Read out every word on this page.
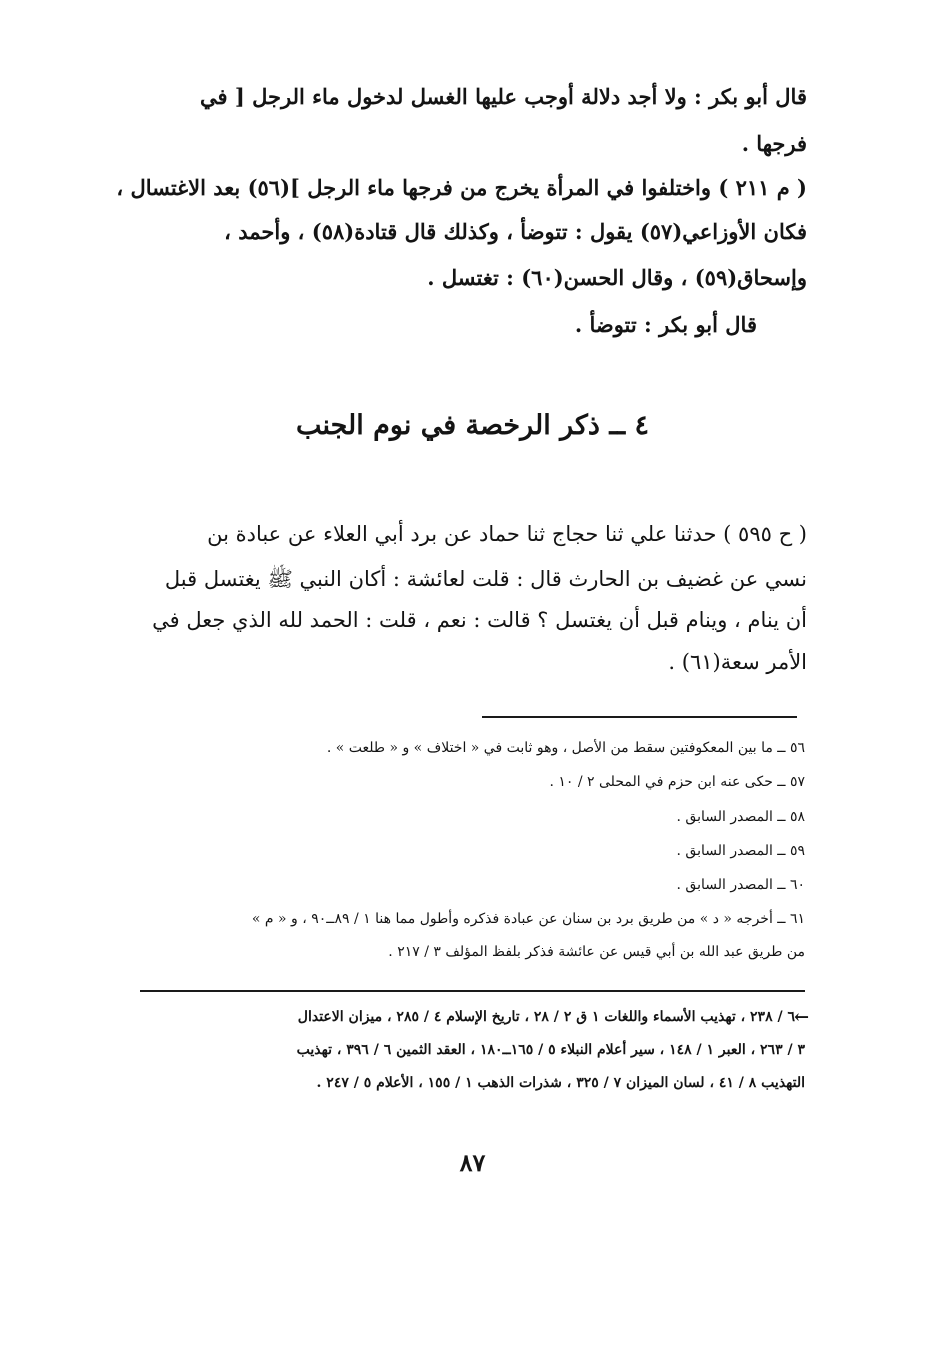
قال أبو بكر : ولا أجد دلالة أوجب عليها الغسل لدخول ماء الرجل [ في
فرجها .
( م ٢١١ ) واختلفوا في المرأة يخرج من فرجها ماء الرجل ](٥٦) بعد الاغتسال ،
فكان الأوزاعي(٥٧) يقول : تتوضأ ، وكذلك قال قتادة(٥٨) ، وأحمد ،
وإسحاق(٥٩) ، وقال الحسن(٦٠) : تغتسل .
قال أبو بكر : تتوضأ .
٤ ــ ذكر الرخصة في نوم الجنب
( ح ٥٩٥ ) حدثنا علي ثنا حجاج ثنا حماد عن برد أبي العلاء عن عبادة بن
نسي عن غضيف بن الحارث قال : قلت لعائشة : أكان النبي ﷺ يغتسل قبل
أن ينام ، وينام قبل أن يغتسل ؟ قالت : نعم ، قلت : الحمد لله الذي جعل في
الأمر سعة(٦١) .
٥٦ ــ ما بين المعكوفتين سقط من الأصل ، وهو ثابت في « اختلاف » و « طلعت » .
٥٧ ــ حكى عنه ابن حزم في المحلى ٢ / ١٠ .
٥٨ ــ المصدر السابق .
٥٩ ــ المصدر السابق .
٦٠ ــ المصدر السابق .
٦١ ــ أخرجه « د » من طريق برد بن سنان عن عبادة فذكره وأطول مما هنا ١ / ٨٩ــ٩٠ ، و « م »
من طريق عبد الله بن أبي قيس عن عائشة فذكر بلفظ المؤلف ٣ / ٢١٧ .
←
٦ / ٢٣٨ ، تهذيب الأسماء واللغات ١ ق ٢ / ٢٨ ، تاريخ الإسلام ٤ / ٢٨٥ ، ميزان الاعتدال
٣ / ٢٦٣ ، العبر ١ / ١٤٨ ، سير أعلام النبلاء ٥ / ١٦٥ــ١٨٠ ، العقد الثمين ٦ / ٣٩٦ ، تهذيب
التهذيب ٨ / ٤١ ، لسان الميزان ٧ / ٣٢٥ ، شذرات الذهب ١ / ١٥٥ ، الأعلام ٥ / ٢٤٧ .
٨٧
